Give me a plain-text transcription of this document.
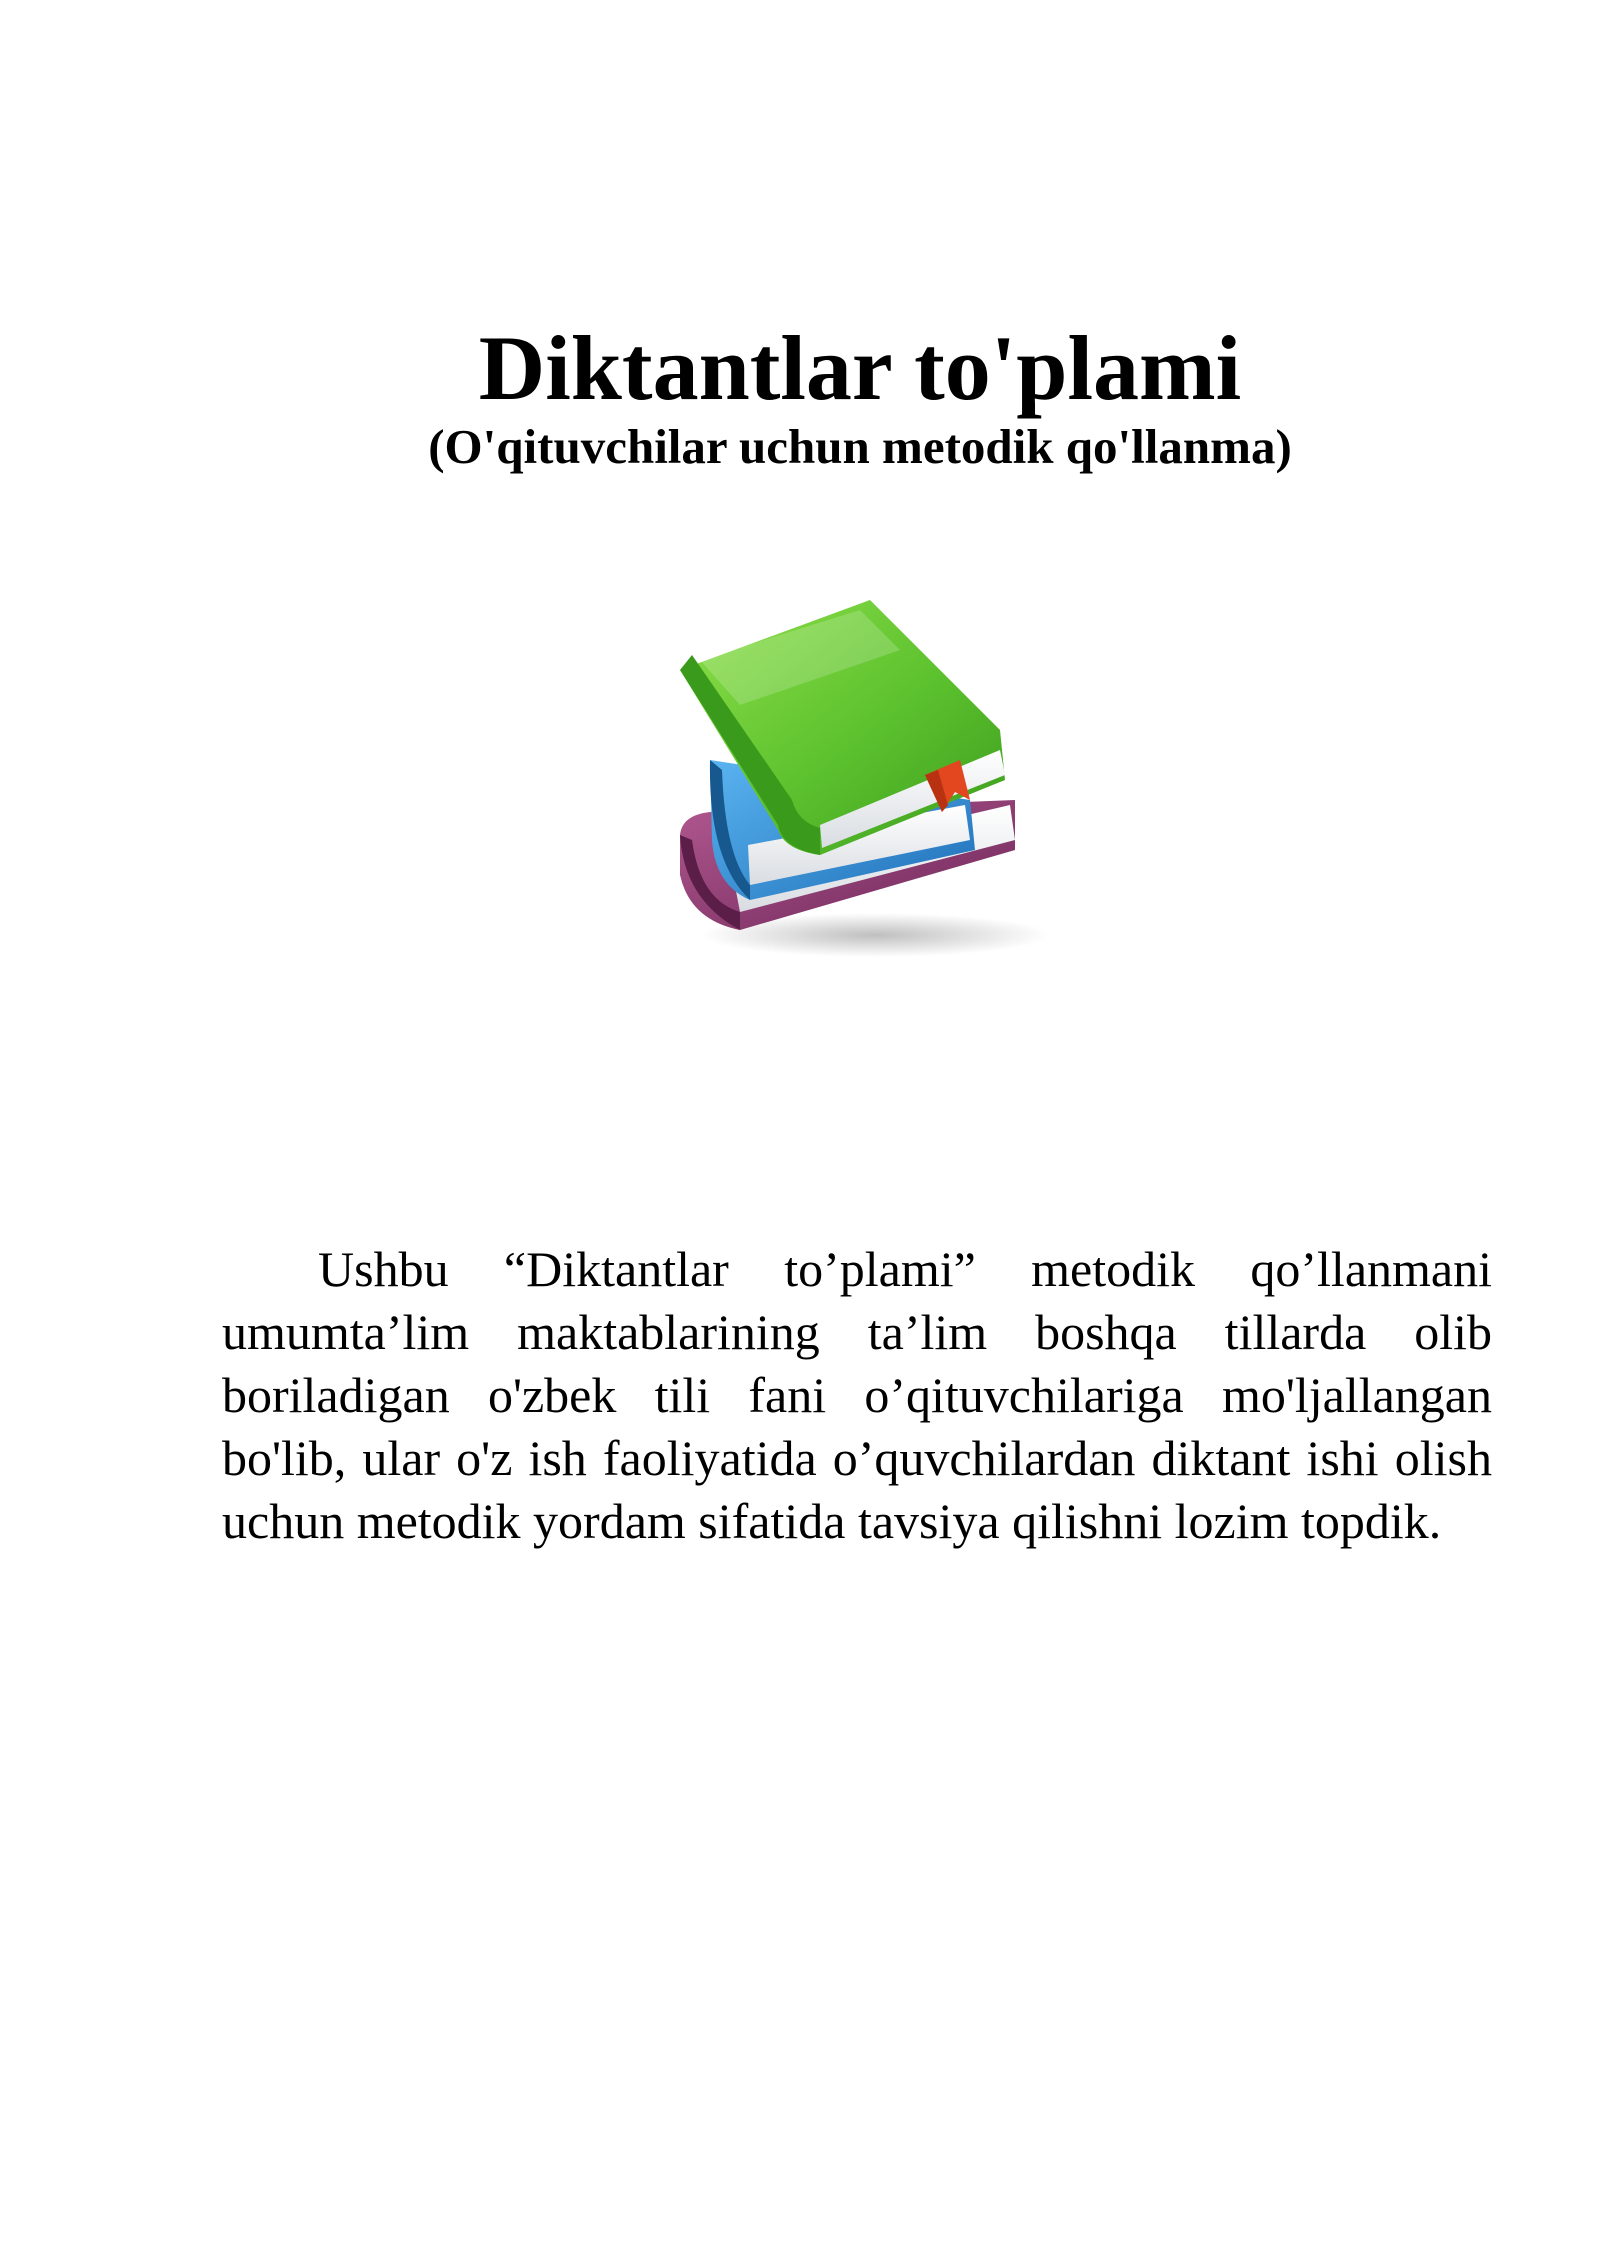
Diktantlar to'plami
(O'qituvchilar uchun metodik qo'llanma)

Ushbu “Diktantlar to’plami” metodik qo’llanmani umumta’lim maktablarining ta’lim boshqa tillarda olib boriladigan o'zbek tili fani o’qituvchilariga mo'ljallangan bo'lib, ular o'z ish faoliyatida o’quvchilardan diktant ishi olish uchun metodik yordam sifatida tavsiya qilishni lozim topdik.
